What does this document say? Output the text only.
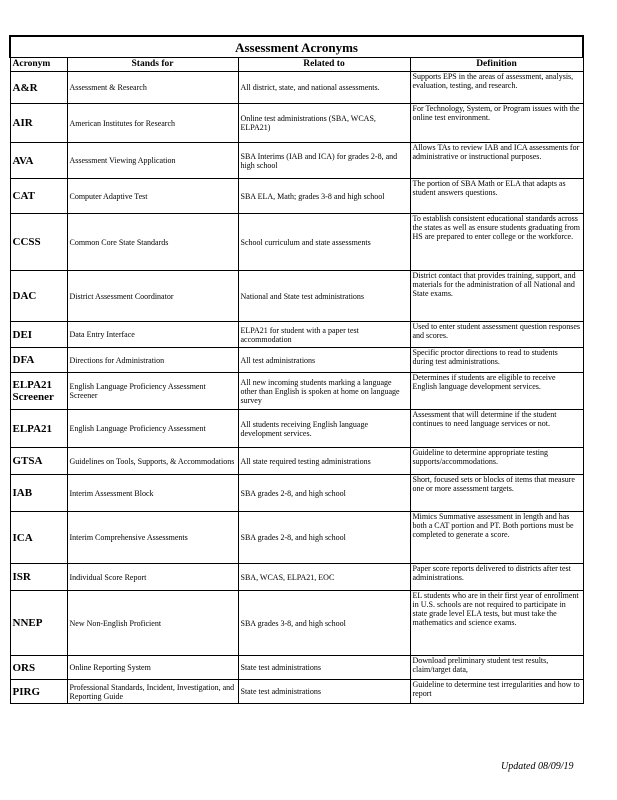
Assessment Acronyms			
Acronym	Stands for	Related to	Definition
A&R	Assessment & Research	All district, state, and national assessments.	Supports EPS in the areas of assessment, analysis, evaluation, testing, and research.
AIR	American Institutes for Research	Online test administrations (SBA, WCAS, ELPA21)	For Technology, System, or Program issues with the online test environment.
AVA	Assessment Viewing Application	SBA Interims (IAB and ICA) for grades 2-8, and high school	Allows TAs to review IAB and ICA assessments for administrative or instructional purposes.
CAT	Computer Adaptive Test	SBA ELA, Math; grades 3-8 and high school	The portion of SBA Math or ELA that adapts as student answers questions.
CCSS	Common Core State Standards	School curriculum and state assessments	To establish consistent educational standards across the states as well as ensure students graduating from HS are prepared to enter college or the workforce.
DAC	District Assessment Coordinator	National and State test administrations	District contact that provides training, support, and materials for the administration of all National and State exams.
DEI	Data Entry Interface	ELPA21 for student with a paper test accommodation	Used to enter student assessment question responses and scores.
DFA	Directions for Administration	All test administrations	Specific proctor directions to read to students during test administrations.
ELPA21 Screener	English Language Proficiency Assessment Screener	All new incoming students marking a language other than English is spoken at home on language survey	Determines if students are eligible to receive English language development services.
ELPA21	English Language Proficiency Assessment	All students receiving English language development services.	Assessment that will determine if the student continues to need language services or not.
GTSA	Guidelines on Tools, Supports, & Accommodations	All state required testing administrations	Guideline to determine appropriate testing supports/accommodations.
IAB	Interim Assessment Block	SBA grades 2-8, and high school	Short, focused sets or blocks of items that measure one or more assessment targets.
ICA	Interim Comprehensive Assessments	SBA grades 2-8, and high school	Mimics Summative assessment in length and has both a CAT portion and PT. Both portions must be completed to generate a score.
ISR	Individual Score Report	SBA, WCAS, ELPA21, EOC	Paper score reports delivered to districts after test administrations.
NNEP	New Non-English Proficient	SBA grades 3-8, and high school	EL students who are in their first year of enrollment in U.S. schools are not required to participate in state grade level ELA tests, but must take the mathematics and science exams.
ORS	Online Reporting System	State test administrations	Download preliminary student test results, claim/target data,
PIRG	Professional Standards, Incident, Investigation, and Reporting Guide	State test administrations	Guideline to determine test irregularities and how to report
Updated 08/09/19
